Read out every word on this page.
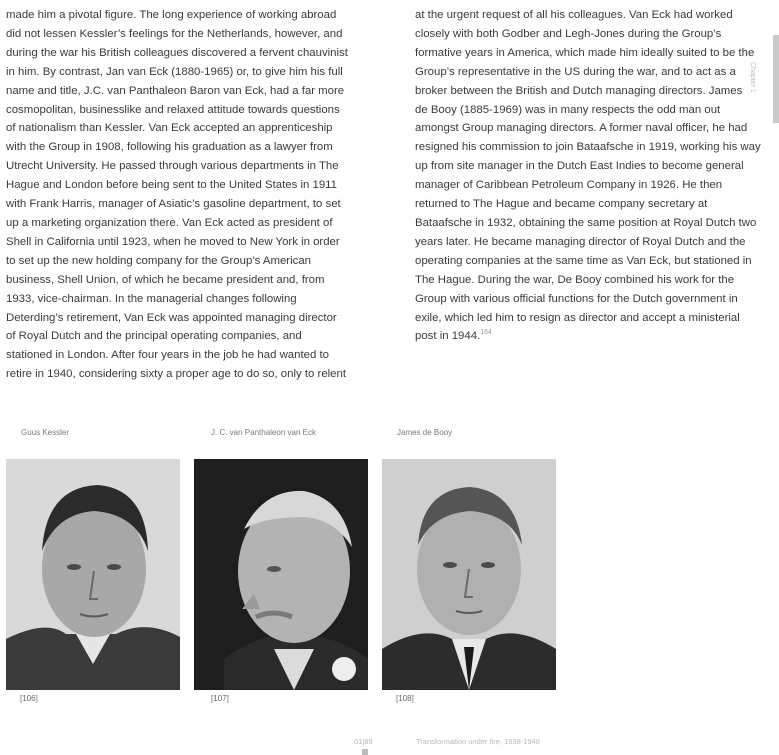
made him a pivotal figure. The long experience of working abroad
did not lessen Kessler’s feelings for the Netherlands, however, and
during the war his British colleagues discovered a fervent chauvinist
in him. By contrast, Jan van Eck (1880-1965) or, to give him his full
name and title, J.C. van Panthaleon Baron van Eck, had a far more
cosmopolitan, businesslike and relaxed attitude towards questions
of nationalism than Kessler. Van Eck accepted an apprenticeship
with the Group in 1908, following his graduation as a lawyer from
Utrecht University. He passed through various departments in The
Hague and London before being sent to the United States in 1911
with Frank Harris, manager of Asiatic’s gasoline department, to set
up a marketing organization there. Van Eck acted as president of
Shell in California until 1923, when he moved to New York in order
to set up the new holding company for the Group’s American
business, Shell Union, of which he became president and, from
1933, vice-chairman. In the managerial changes following
Deterding’s retirement, Van Eck was appointed managing director
of Royal Dutch and the principal operating companies, and
stationed in London. After four years in the job he had wanted to
retire in 1940, considering sixty a proper age to do so, only to relent
at the urgent request of all his colleagues. Van Eck had worked
closely with both Godber and Legh-Jones during the Group’s
formative years in America, which made him ideally suited to be the
Group’s representative in the US during the war, and to act as a
broker between the British and Dutch managing directors. James
de Booy (1885-1969) was in many respects the odd man out
amongst Group managing directors. A former naval officer, he had
resigned his commission to join Bataafsche in 1919, working his way
up from site manager in the Dutch East Indies to become general
manager of Caribbean Petroleum Company in 1926. He then
returned to The Hague and became company secretary at
Bataafsche in 1932, obtaining the same position at Royal Dutch two
years later. He became managing director of Royal Dutch and the
operating companies at the same time as Van Eck, but stationed in
The Hague. During the war, De Booy combined his work for the
Group with various official functions for the Dutch government in
exile, which led him to resign as director and accept a ministerial
post in 1944.$^{164}$
Chapter 1
Guus Kessler	J. C. van Panthaleon van Eck	James de Booy
[106]	[107]	[108]
01|89	Transformation under fire, 1938-1948
